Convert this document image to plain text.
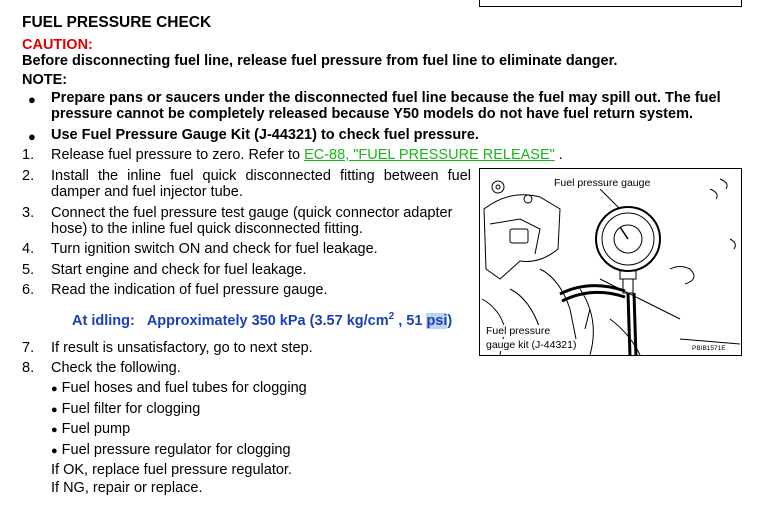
FUEL PRESSURE CHECK
CAUTION:
Before disconnecting fuel line, release fuel pressure from fuel line to eliminate danger.
NOTE:
● Prepare pans or saucers under the disconnected fuel line because the fuel may spill out. The fuel
pressure cannot be completely released because Y50 models do not have fuel return system.
● Use Fuel Pressure Gauge Kit (J-44321) to check fuel pressure.
1. Release fuel pressure to zero. Refer to EC-88, "FUEL PRESSURE RELEASE" .
2. Install the inline fuel quick disconnected fitting between fuel
damper and fuel injector tube.
3. Connect the fuel pressure test gauge (quick connector adapter
hose) to the inline fuel quick disconnected fitting.
4. Turn ignition switch ON and check for fuel leakage.
5. Start engine and check for fuel leakage.
6. Read the indication of fuel pressure gauge.
At idling: Approximately 350 kPa (3.57 $kg/cm^2$ , 51 psi)
7. If result is unsatisfactory, go to next step.
8. Check the following.
● Fuel hoses and fuel tubes for clogging
● Fuel filter for clogging
● Fuel pump
● Fuel pressure regulator for clogging
If OK, replace fuel pressure regulator.
If NG, repair or replace.
Fuel pressure gauge
Fuel pressure
gauge kit (J-44321)	PBIB1571E
